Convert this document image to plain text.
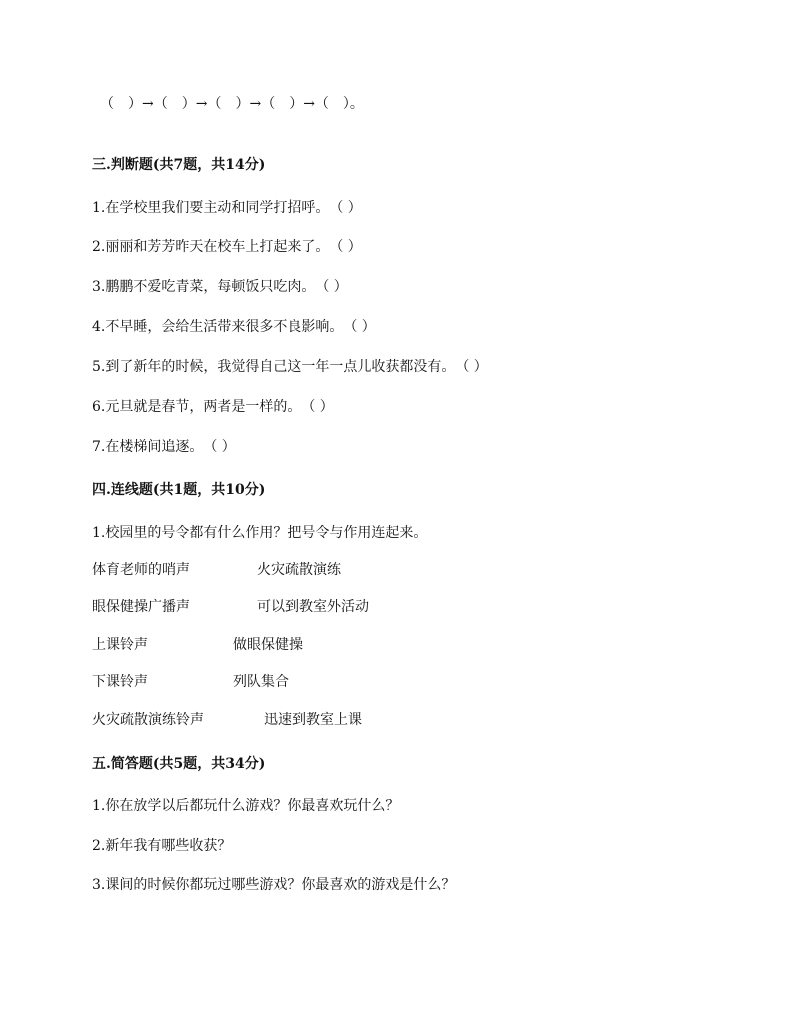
（　）→（　）→（　）→（　）→（　）。
三.判断题(共7题，共14分)
1.在学校里我们要主动和同学打招呼。　（ ）
2.丽丽和芳芳昨天在校车上打起来了。　（ ）
3.鹏鹏不爱吃青菜，每顿饭只吃肉。　（ ）
4.不早睡，会给生活带来很多不良影响。　（ ）
5.到了新年的时候，我觉得自己这一年一点儿收获都没有。　（ ）
6.元旦就是春节，两者是一样的。　（ ）
7.在楼梯间追逐。　（ ）
四.连线题(共1题，共10分)
1.校园里的号令都有什么作用？把号令与作用连起来。
体育老师的哨声	火灾疏散演练
眼保健操广播声	可以到教室外活动
上课铃声	做眼保健操
下课铃声	列队集合
火灾疏散演练铃声	迅速到教室上课
五.简答题(共5题，共34分)
1.你在放学以后都玩什么游戏？你最喜欢玩什么？
2.新年我有哪些收获？
3.课间的时候你都玩过哪些游戏？你最喜欢的游戏是什么？
